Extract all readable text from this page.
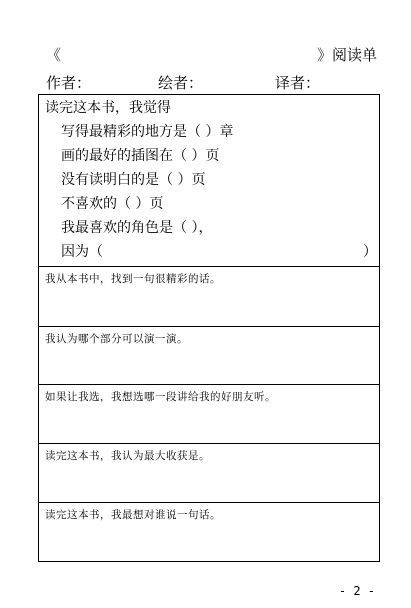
《	》阅读单
作者：	绘者：	译者：
读完这本书，我觉得
写得最精彩的地方是（ ）章
画的最好的插图在（ ）页
没有读明白的是（ ）页
不喜欢的（ ）页
我最喜欢的角色是（ ），
因为（	）
我从本书中，找到一句很精彩的话。
我认为哪个部分可以演一演。
如果让我选，我想选哪一段讲给我的好朋友听。
读完这本书，我认为最大收获是。
读完这本书，我最想对谁说一句话。
- 2 -
